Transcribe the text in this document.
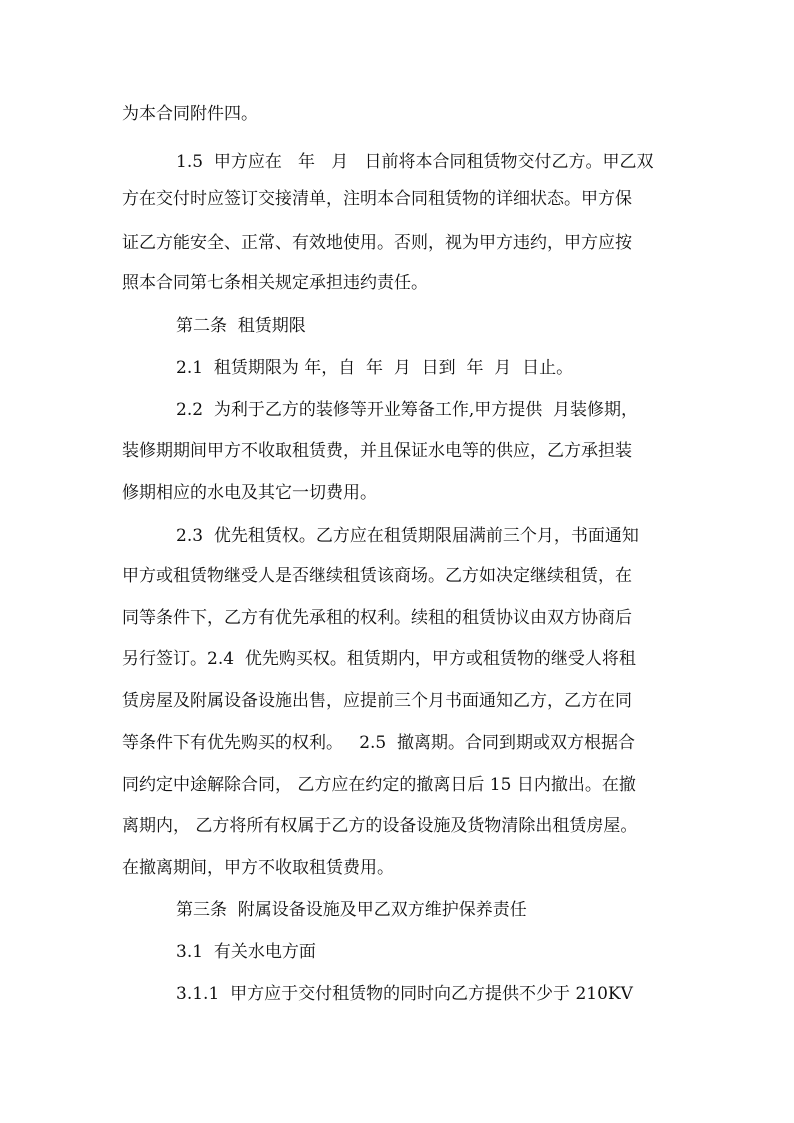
为本合同附件四。
1.5  甲方应在   年   月   日前将本合同租赁物交付乙方。甲乙双
方在交付时应签订交接清单，注明本合同租赁物的详细状态。甲方保
证乙方能安全、正常、有效地使用。否则，视为甲方违约，甲方应按
照本合同第七条相关规定承担违约责任。
第二条  租赁期限
2.1  租赁期限为 年，自  年  月  日到  年  月  日止。
2.2  为利于乙方的装修等开业筹备工作,甲方提供  月装修期，
装修期期间甲方不收取租赁费，并且保证水电等的供应，乙方承担装
修期相应的水电及其它一切费用。
2.3  优先租赁权。乙方应在租赁期限届满前三个月，书面通知
甲方或租赁物继受人是否继续租赁该商场。乙方如决定继续租赁，在
同等条件下，乙方有优先承租的权利。续租的租赁协议由双方协商后
另行签订。2.4  优先购买权。租赁期内，甲方或租赁物的继受人将租
赁房屋及附属设备设施出售，应提前三个月书面通知乙方，乙方在同
等条件下有优先购买的权利。   2.5  撤离期。合同到期或双方根据合
同约定中途解除合同， 乙方应在约定的撤离日后 15 日内撤出。在撤
离期内， 乙方将所有权属于乙方的设备设施及货物清除出租赁房屋。
在撤离期间，甲方不收取租赁费用。
第三条  附属设备设施及甲乙双方维护保养责任
3.1  有关水电方面
3.1.1  甲方应于交付租赁物的同时向乙方提供不少于 210KV
